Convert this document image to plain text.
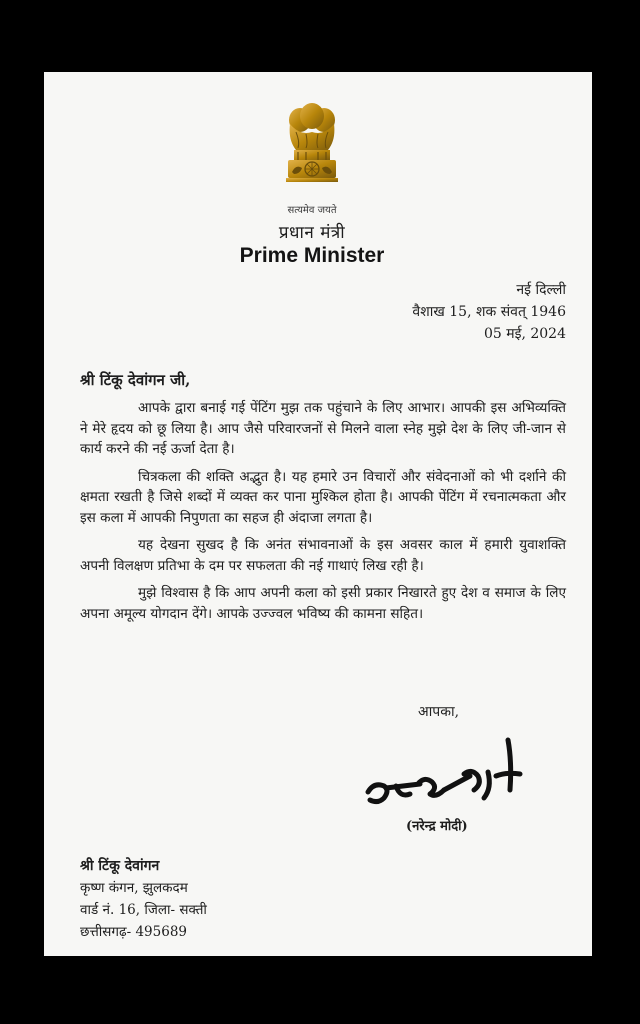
सत्यमेव जयते
प्रधान मंत्री
Prime Minister
नई दिल्ली
वैशाख 15, शक संवत् 1946
05 मई, 2024
श्री टिंकू देवांगन जी,

आपके द्वारा बनाई गई पेंटिंग मुझ तक पहुंचाने के लिए आभार। आपकी इस अभिव्यक्ति ने मेरे हृदय को छू लिया है। आप जैसे परिवारजनों से मिलने वाला स्नेह मुझे देश के लिए जी-जान से कार्य करने की नई ऊर्जा देता है।

चित्रकला की शक्ति अद्भुत है। यह हमारे उन विचारों और संवेदनाओं को भी दर्शाने की क्षमता रखती है जिसे शब्दों में व्यक्त कर पाना मुश्किल होता है। आपकी पेंटिंग में रचनात्मकता और इस कला में आपकी निपुणता का सहज ही अंदाजा लगता है।

यह देखना सुखद है कि अनंत संभावनाओं के इस अवसर काल में हमारी युवाशक्ति अपनी विलक्षण प्रतिभा के दम पर सफलता की नई गाथाएं लिख रही है।

मुझे विश्वास है कि आप अपनी कला को इसी प्रकार निखारते हुए देश व समाज के लिए अपना अमूल्य योगदान देंगे। आपके उज्ज्वल भविष्य की कामना सहित।

आपका,
(नरेन्द्र मोदी)
श्री टिंकू देवांगन
कृष्ण कंगन, झुलकदम
वार्ड नं. 16, जिला- सक्ती
छत्तीसगढ़- 495689
